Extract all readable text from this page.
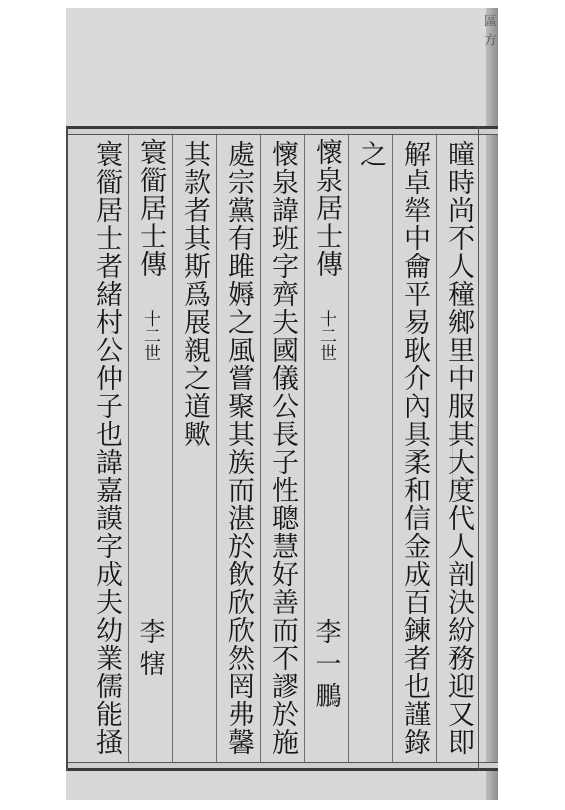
區方
曈時尚不人穜鄉里中服其大度代人剖決紛務迎又即
解卓犖中龠平易耿介內具柔和信金成百鍊者也謹錄
之
懷泉居士傳 十二世
李一鵬
懷泉諱班字齊夫國儀公長子性聰慧好善而不謬於施
處宗黨有雎媷之風嘗聚其族而湛於飲欣欣然罔弗馨
其款者其斯爲展親之道歟
寰衟居士傳 十二世
李犗
寰衟居士者緒村公仲子也諱嘉謨字成夫幼業儒能掻
